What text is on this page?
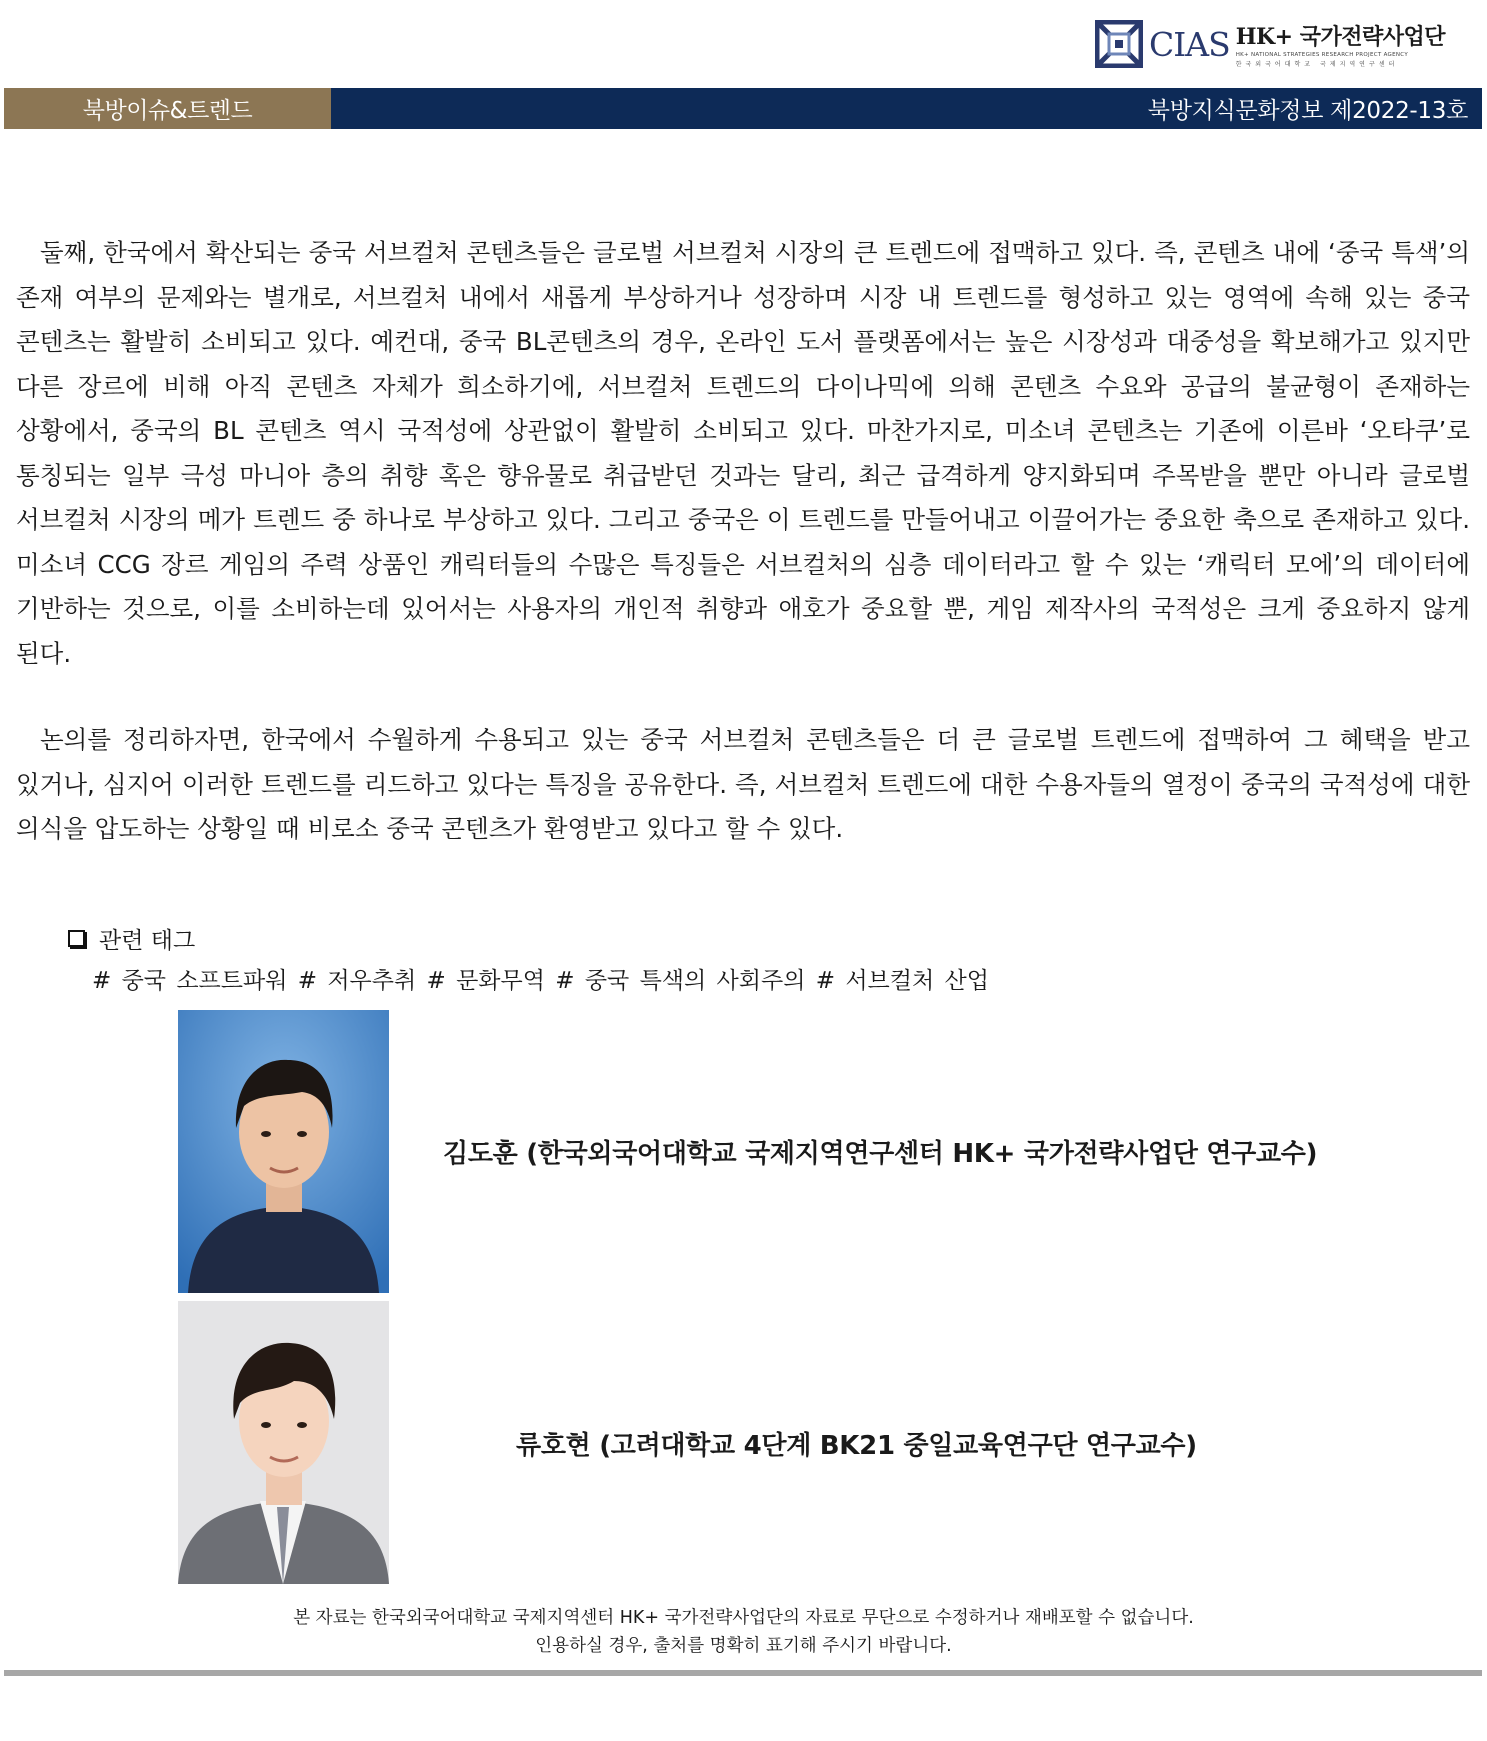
CIAS HK+ 국가전략사업단
HK+ NATIONAL STRATEGIES RESEARCH PROJECT AGENCY
한국외국어대학교 국제지역연구센터
북방이슈&트렌드	북방지식문화정보 제2022-13호

둘째, 한국에서 확산되는 중국 서브컬처 콘텐츠들은 글로벌 서브컬처 시장의 큰 트렌드에 접맥하고 있다. 즉, 콘텐츠 내에 ‘중국 특색’의 존재 여부의 문제와는 별개로, 서브컬처 내에서 새롭게 부상하거나 성장하며 시장 내 트렌드를 형성하고 있는 영역에 속해 있는 중국 콘텐츠는 활발히 소비되고 있다. 예컨대, 중국 BL콘텐츠의 경우, 온라인 도서 플랫폼에서는 높은 시장성과 대중성을 확보해가고 있지만 다른 장르에 비해 아직 콘텐츠 자체가 희소하기에, 서브컬처 트렌드의 다이나믹에 의해 콘텐츠 수요와 공급의 불균형이 존재하는 상황에서, 중국의 BL 콘텐츠 역시 국적성에 상관없이 활발히 소비되고 있다. 마찬가지로, 미소녀 콘텐츠는 기존에 이른바 ‘오타쿠’로 통칭되는 일부 극성 마니아 층의 취향 혹은 향유물로 취급받던 것과는 달리, 최근 급격하게 양지화되며 주목받을 뿐만 아니라 글로벌 서브컬처 시장의 메가 트렌드 중 하나로 부상하고 있다. 그리고 중국은 이 트렌드를 만들어내고 이끌어가는 중요한 축으로 존재하고 있다. 미소녀 CCG 장르 게임의 주력 상품인 캐릭터들의 수많은 특징들은 서브컬처의 심층 데이터라고 할 수 있는 ‘캐릭터 모에’의 데이터에 기반하는 것으로, 이를 소비하는데 있어서는 사용자의 개인적 취향과 애호가 중요할 뿐, 게임 제작사의 국적성은 크게 중요하지 않게 된다.

논의를 정리하자면, 한국에서 수월하게 수용되고 있는 중국 서브컬처 콘텐츠들은 더 큰 글로벌 트렌드에 접맥하여 그 혜택을 받고 있거나, 심지어 이러한 트렌드를 리드하고 있다는 특징을 공유한다. 즉, 서브컬처 트렌드에 대한 수용자들의 열정이 중국의 국적성에 대한 의식을 압도하는 상황일 때 비로소 중국 콘텐츠가 환영받고 있다고 할 수 있다.

관련 태그
# 중국 소프트파워 # 저우추취 # 문화무역 # 중국 특색의 사회주의 # 서브컬처 산업
김도훈 (한국외국어대학교 국제지역연구센터 HK+ 국가전략사업단 연구교수)
류호현 (고려대학교 4단계 BK21 중일교육연구단 연구교수)
본 자료는 한국외국어대학교 국제지역센터 HK+ 국가전략사업단의 자료로 무단으로 수정하거나 재배포할 수 없습니다.
인용하실 경우, 출처를 명확히 표기해 주시기 바랍니다.
